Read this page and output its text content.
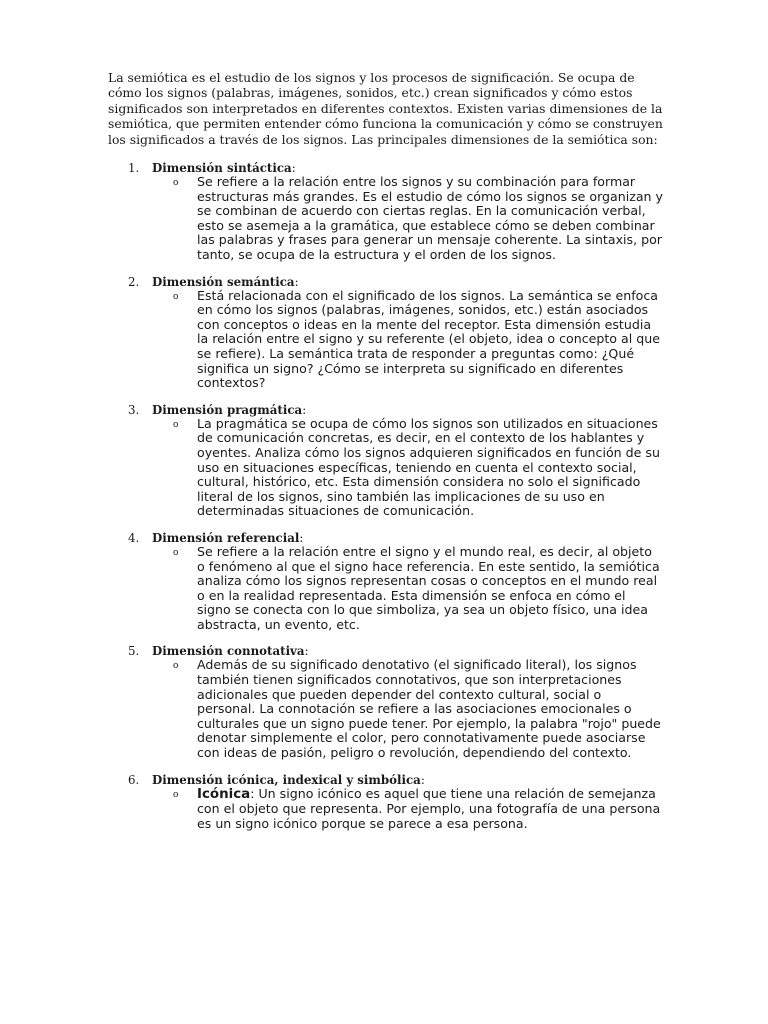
La semiótica es el estudio de los signos y los procesos de significación. Se ocupa de cómo los signos (palabras, imágenes, sonidos, etc.) crean significados y cómo estos significados son interpretados en diferentes contextos. Existen varias dimensiones de la semiótica, que permiten entender cómo funciona la comunicación y cómo se construyen los significados a través de los signos. Las principales dimensiones de la semiótica son:

1. Dimensión sintáctica:
o Se refiere a la relación entre los signos y su combinación para formar estructuras más grandes. Es el estudio de cómo los signos se organizan y se combinan de acuerdo con ciertas reglas. En la comunicación verbal, esto se asemeja a la gramática, que establece cómo se deben combinar las palabras y frases para generar un mensaje coherente. La sintaxis, por tanto, se ocupa de la estructura y el orden de los signos.

2. Dimensión semántica:
o Está relacionada con el significado de los signos. La semántica se enfoca en cómo los signos (palabras, imágenes, sonidos, etc.) están asociados con conceptos o ideas en la mente del receptor. Esta dimensión estudia la relación entre el signo y su referente (el objeto, idea o concepto al que se refiere). La semántica trata de responder a preguntas como: ¿Qué significa un signo? ¿Cómo se interpreta su significado en diferentes contextos?

3. Dimensión pragmática:
o La pragmática se ocupa de cómo los signos son utilizados en situaciones de comunicación concretas, es decir, en el contexto de los hablantes y oyentes. Analiza cómo los signos adquieren significados en función de su uso en situaciones específicas, teniendo en cuenta el contexto social, cultural, histórico, etc. Esta dimensión considera no solo el significado literal de los signos, sino también las implicaciones de su uso en determinadas situaciones de comunicación.

4. Dimensión referencial:
o Se refiere a la relación entre el signo y el mundo real, es decir, al objeto o fenómeno al que el signo hace referencia. En este sentido, la semiótica analiza cómo los signos representan cosas o conceptos en el mundo real o en la realidad representada. Esta dimensión se enfoca en cómo el signo se conecta con lo que simboliza, ya sea un objeto físico, una idea abstracta, un evento, etc.

5. Dimensión connotativa:
o Además de su significado denotativo (el significado literal), los signos también tienen significados connotativos, que son interpretaciones adicionales que pueden depender del contexto cultural, social o personal. La connotación se refiere a las asociaciones emocionales o culturales que un signo puede tener. Por ejemplo, la palabra "rojo" puede denotar simplemente el color, pero connotativamente puede asociarse con ideas de pasión, peligro o revolución, dependiendo del contexto.

6. Dimensión icónica, indexical y simbólica:
o Icónica: Un signo icónico es aquel que tiene una relación de semejanza con el objeto que representa. Por ejemplo, una fotografía de una persona es un signo icónico porque se parece a esa persona.
